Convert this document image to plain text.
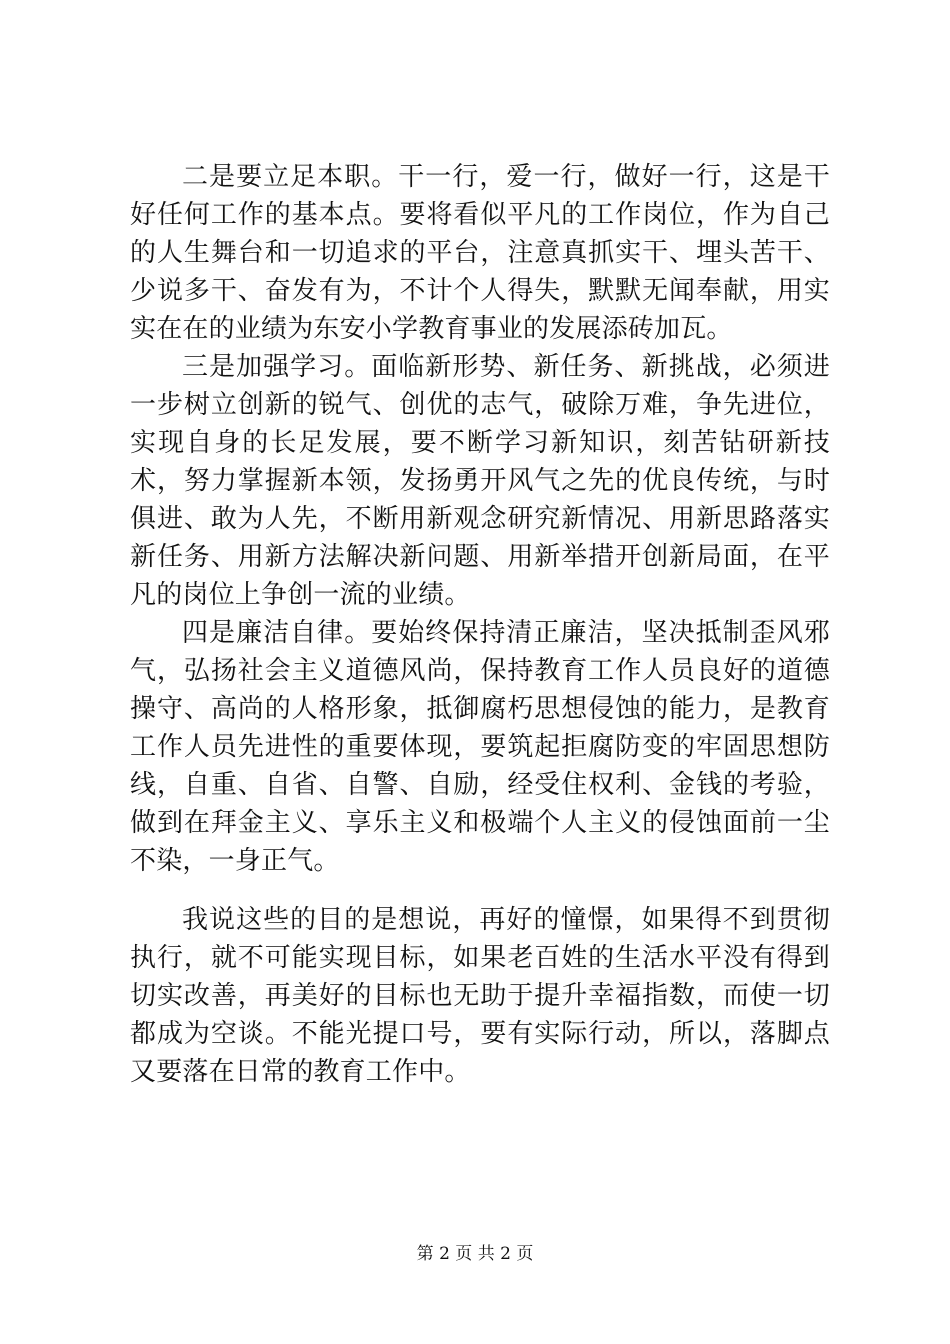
二是要立足本职。干一行，爱一行，做好一行，这是干好任何工作的基本点。要将看似平凡的工作岗位，作为自己的人生舞台和一切追求的平台，注意真抓实干、埋头苦干、少说多干、奋发有为，不计个人得失，默默无闻奉献，用实实在在的业绩为东安小学教育事业的发展添砖加瓦。

三是加强学习。面临新形势、新任务、新挑战，必须进一步树立创新的锐气、创优的志气，破除万难，争先进位，实现自身的长足发展，要不断学习新知识，刻苦钻研新技术，努力掌握新本领，发扬勇开风气之先的优良传统，与时俱进、敢为人先，不断用新观念研究新情况、用新思路落实新任务、用新方法解决新问题、用新举措开创新局面，在平凡的岗位上争创一流的业绩。

四是廉洁自律。要始终保持清正廉洁，坚决抵制歪风邪气，弘扬社会主义道德风尚，保持教育工作人员良好的道德操守、高尚的人格形象，抵御腐朽思想侵蚀的能力，是教育工作人员先进性的重要体现，要筑起拒腐防变的牢固思想防线，自重、自省、自警、自励，经受住权利、金钱的考验，做到在拜金主义、享乐主义和极端个人主义的侵蚀面前一尘不染，一身正气。

我说这些的目的是想说，再好的憧憬，如果得不到贯彻执行，就不可能实现目标，如果老百姓的生活水平没有得到切实改善，再美好的目标也无助于提升幸福指数，而使一切都成为空谈。不能光提口号，要有实际行动，所以，落脚点又要落在日常的教育工作中。

第 2 页 共 2 页
